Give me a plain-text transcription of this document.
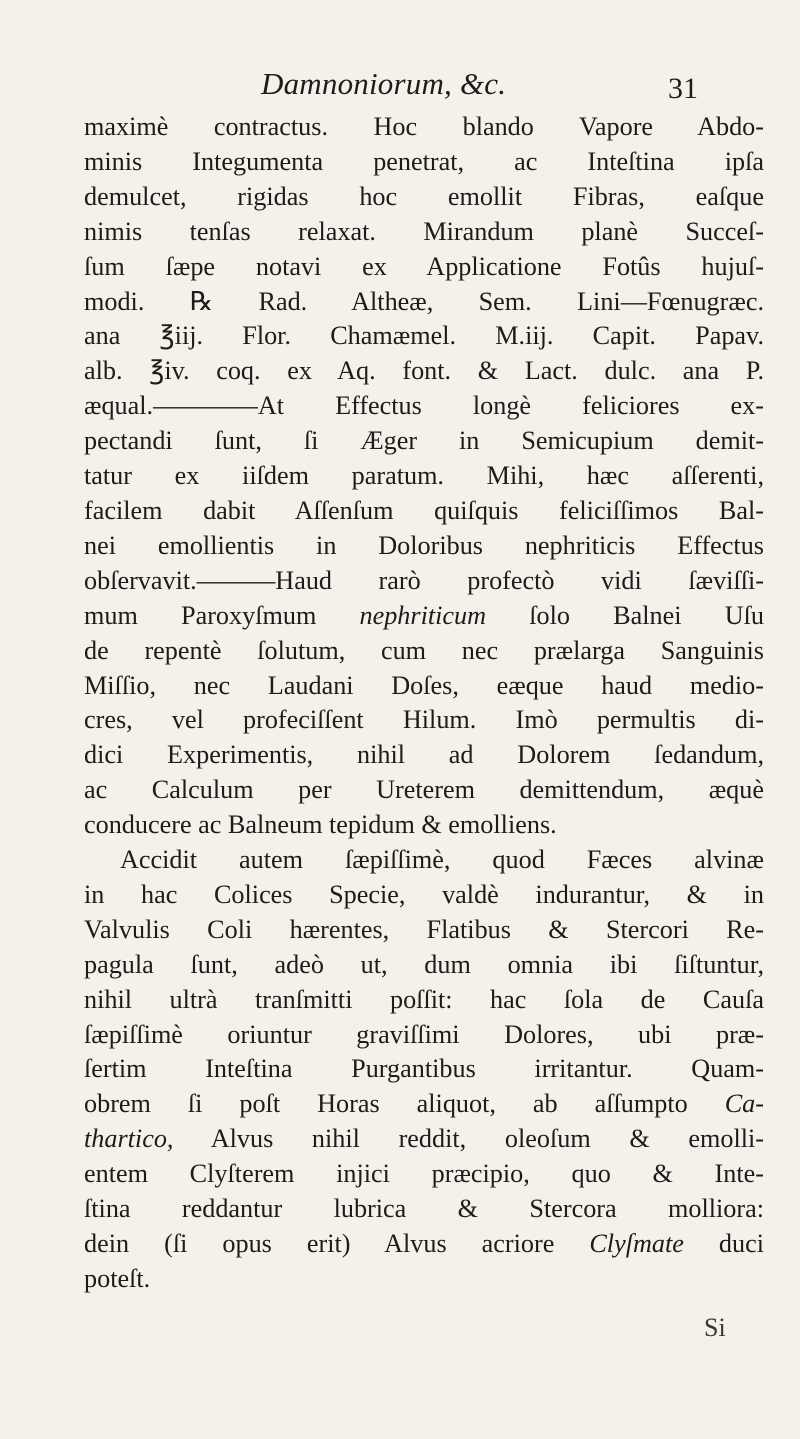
Damnoniorum, &c.	31
maximè contractus. Hoc blando Vapore Abdo-
minis Integumenta penetrat, ac Inteſtina ipſa
demulcet, rigidas hoc emollit Fibras, eaſque
nimis tenſas relaxat. Mirandum planè Succeſ-
ſum ſæpe notavi ex Applicatione Fotûs hujuſ-
modi. ℞ Rad. Altheæ, Sem. Lini—Fœnugræc.
ana ℥iij. Flor. Chamæmel. M.iij. Capit. Papav.
alb. ℥iv. coq. ex Aq. font. & Lact. dulc. ana P.
æqual.————At Effectus longè feliciores ex-
pectandi ſunt, ſi Æger in Semicupium demit-
tatur ex iiſdem paratum. Mihi, hæc aſſerenti,
facilem dabit Aſſenſum quiſquis feliciſſimos Bal-
nei emollientis in Doloribus nephriticis Effectus
obſervavit.———Haud rarò profectò vidi ſæviſſi-
mum Paroxyſmum nephriticum ſolo Balnei Uſu
de repentè ſolutum, cum nec prælarga Sanguinis
Miſſio, nec Laudani Doſes, eæque haud medio-
cres, vel profeciſſent Hilum. Imò permultis di-
dici Experimentis, nihil ad Dolorem ſedandum,
ac Calculum per Ureterem demittendum, æquè
conducere ac Balneum tepidum & emolliens.
Accidit autem ſæpiſſimè, quod Fæces alvinæ
in hac Colices Specie, valdè indurantur, & in
Valvulis Coli hærentes, Flatibus & Stercori Re-
pagula ſunt, adeò ut, dum omnia ibi ſiſtuntur,
nihil ultrà tranſmitti poſſit: hac ſola de Cauſa
ſæpiſſimè oriuntur graviſſimi Dolores, ubi præ-
ſertim Inteſtina Purgantibus irritantur. Quam-
obrem ſi poſt Horas aliquot, ab aſſumpto Ca-
thartico, Alvus nihil reddit, oleoſum & emolli-
entem Clyſterem injici præcipio, quo & Inte-
ſtina reddantur lubrica & Stercora molliora:
dein (ſi opus erit) Alvus acriore Clyſmate duci
poteſt.
Si
